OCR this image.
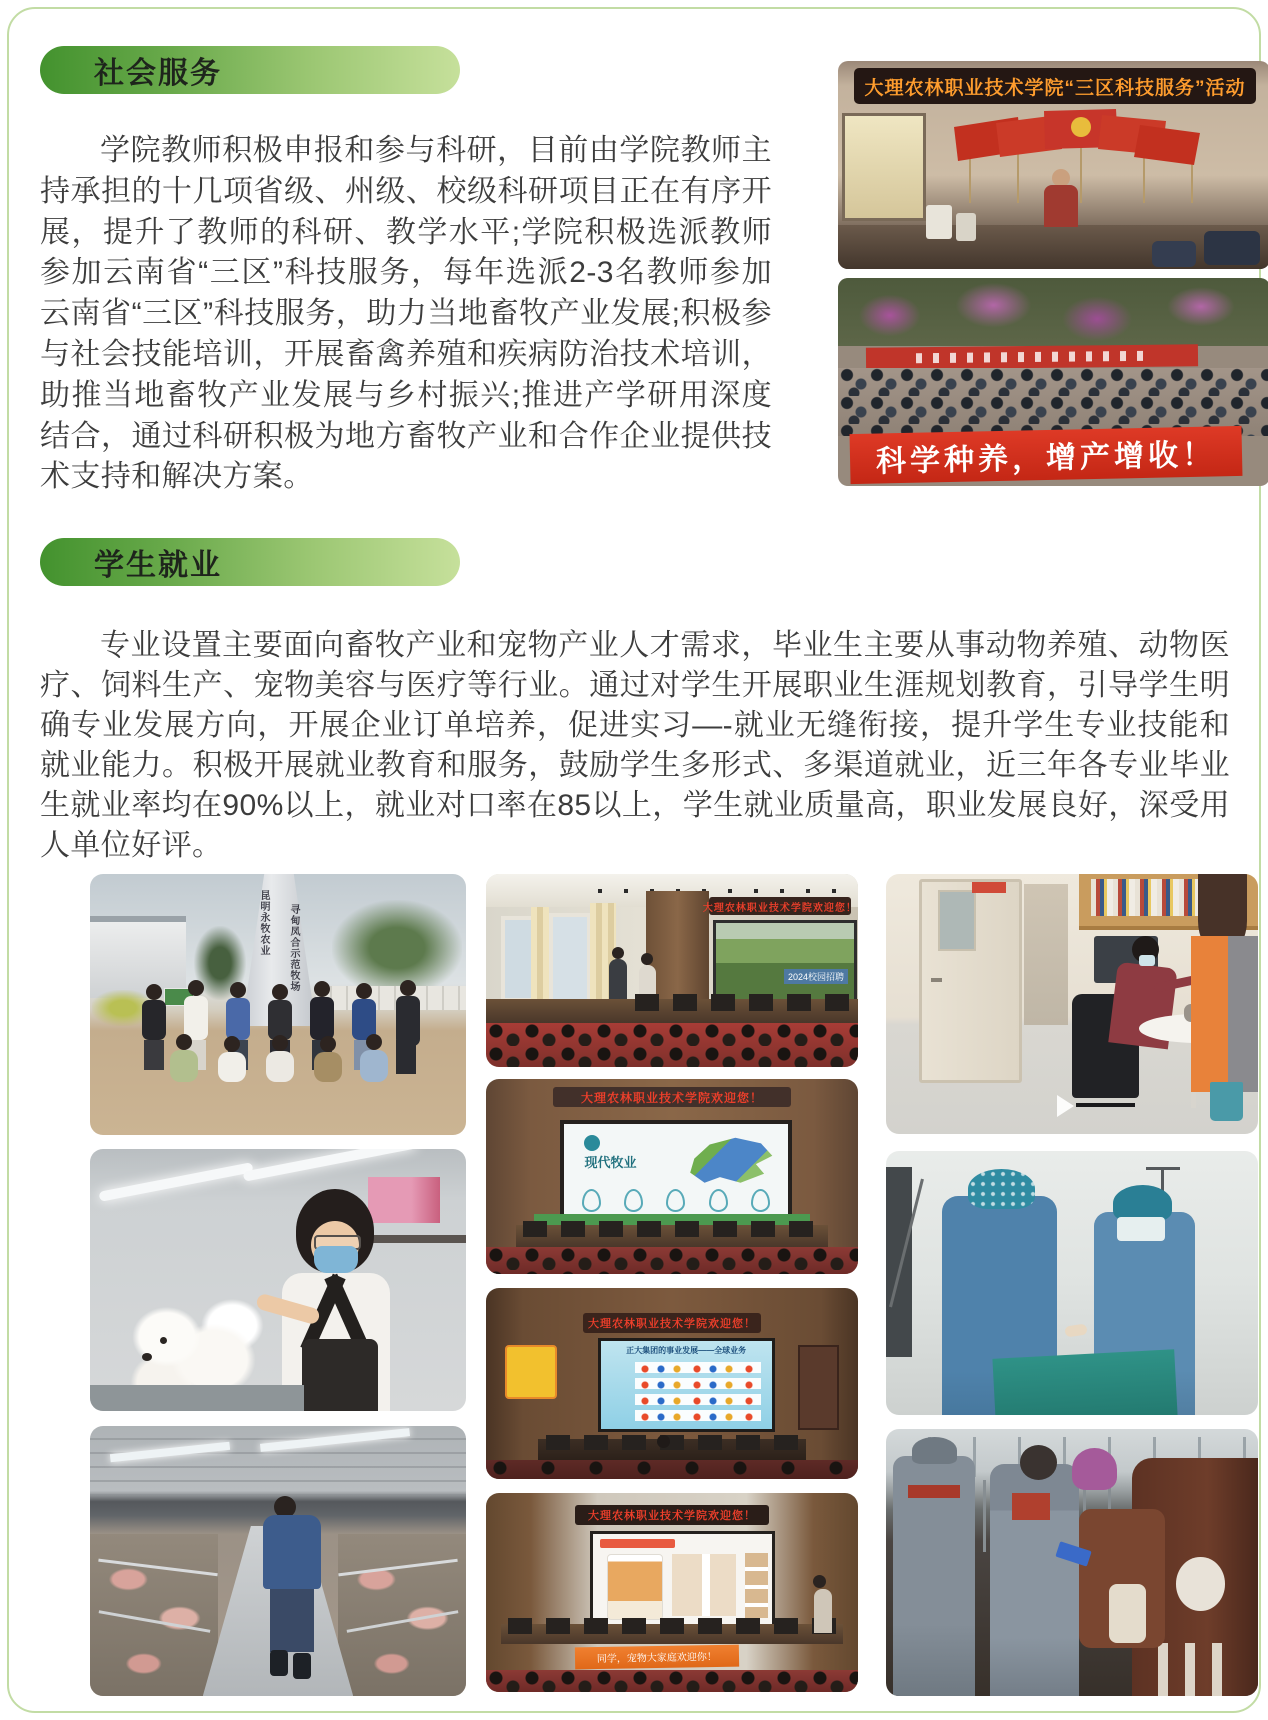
社会服务

学院教师积极申报和参与科研，目前由学院教师主持承担的十几项省级、州级、校级科研项目正在有序开展，提升了教师的科研、教学水平;学院积极选派教师参加云南省“三区”科技服务，每年选派2-3名教师参加云南省“三区”科技服务，助力当地畜牧产业发展;积极参与社会技能培训，开展畜禽养殖和疾病防治技术培训，助推当地畜牧产业发展与乡村振兴;推进产学研用深度结合，通过科研积极为地方畜牧产业和合作企业提供技术支持和解决方案。

大理农林职业技术学院“三区科技服务”活动
科学种养，增产增收！
学生就业

专业设置主要面向畜牧产业和宠物产业人才需求，毕业生主要从事动物养殖、动物医疗、饲料生产、宠物美容与医疗等行业。通过对学生开展职业生涯规划教育，引导学生明确专业发展方向，开展企业订单培养，促进实习—-就业无缝衔接，提升学生专业技能和就业能力。积极开展就业教育和服务，鼓励学生多形式、多渠道就业，近三年各专业毕业生就业率均在90%以上，就业对口率在85以上，学生就业质量高，职业发展良好，深受用人单位好评。

昆明永牧农业 寻甸凤合示范牧场	大理农林职业技术学院欢迎您！
2024校园招聘
大理农林职业技术学院欢迎您！
现代牧业
大理农林职业技术学院欢迎您！
正大集团的事业发展——全球业务
大理农林职业技术学院欢迎您！
同学，宠物大家庭欢迎你！
